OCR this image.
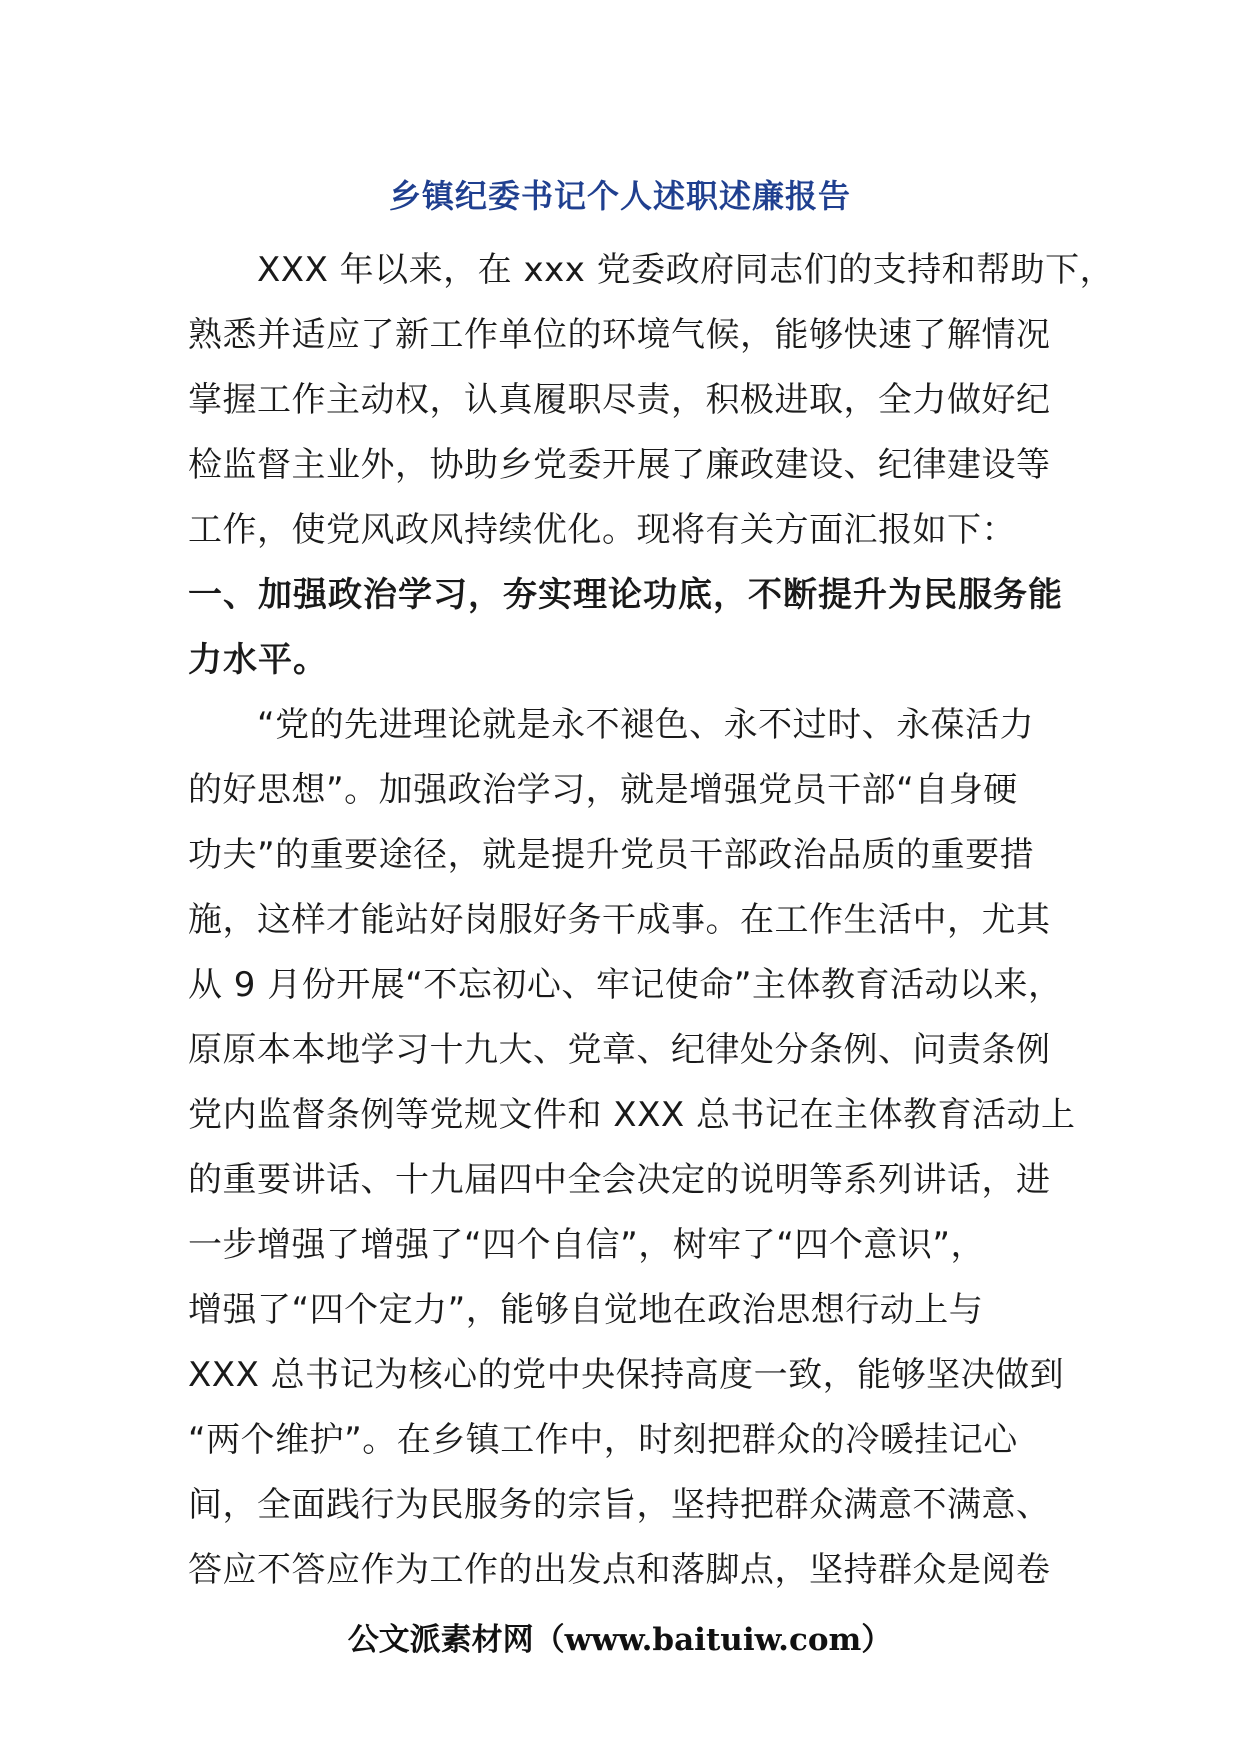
乡镇纪委书记个人述职述廉报告
　　XXX 年以来，在 xxx 党委政府同志们的支持和帮助下，
熟悉并适应了新工作单位的环境气候，能够快速了解情况
掌握工作主动权，认真履职尽责，积极进取，全力做好纪
检监督主业外，协助乡党委开展了廉政建设、纪律建设等
工作，使党风政风持续优化。现将有关方面汇报如下：
一、加强政治学习，夯实理论功底，不断提升为民服务能
力水平。
　　“党的先进理论就是永不褪色、永不过时、永葆活力
的好思想”。加强政治学习，就是增强党员干部“自身硬
功夫”的重要途径，就是提升党员干部政治品质的重要措
施，这样才能站好岗服好务干成事。在工作生活中，尤其
从 9 月份开展“不忘初心、牢记使命”主体教育活动以来，
原原本本地学习十九大、党章、纪律处分条例、问责条例
党内监督条例等党规文件和 XXX 总书记在主体教育活动上
的重要讲话、十九届四中全会决定的说明等系列讲话，进
一步增强了增强了“四个自信”，树牢了“四个意识”，
增强了“四个定力”，能够自觉地在政治思想行动上与
XXX 总书记为核心的党中央保持高度一致，能够坚决做到
“两个维护”。在乡镇工作中，时刻把群众的冷暖挂记心
间，全面践行为民服务的宗旨，坚持把群众满意不满意、
答应不答应作为工作的出发点和落脚点，坚持群众是阅卷
公文派素材网（www.baituiw.com）
